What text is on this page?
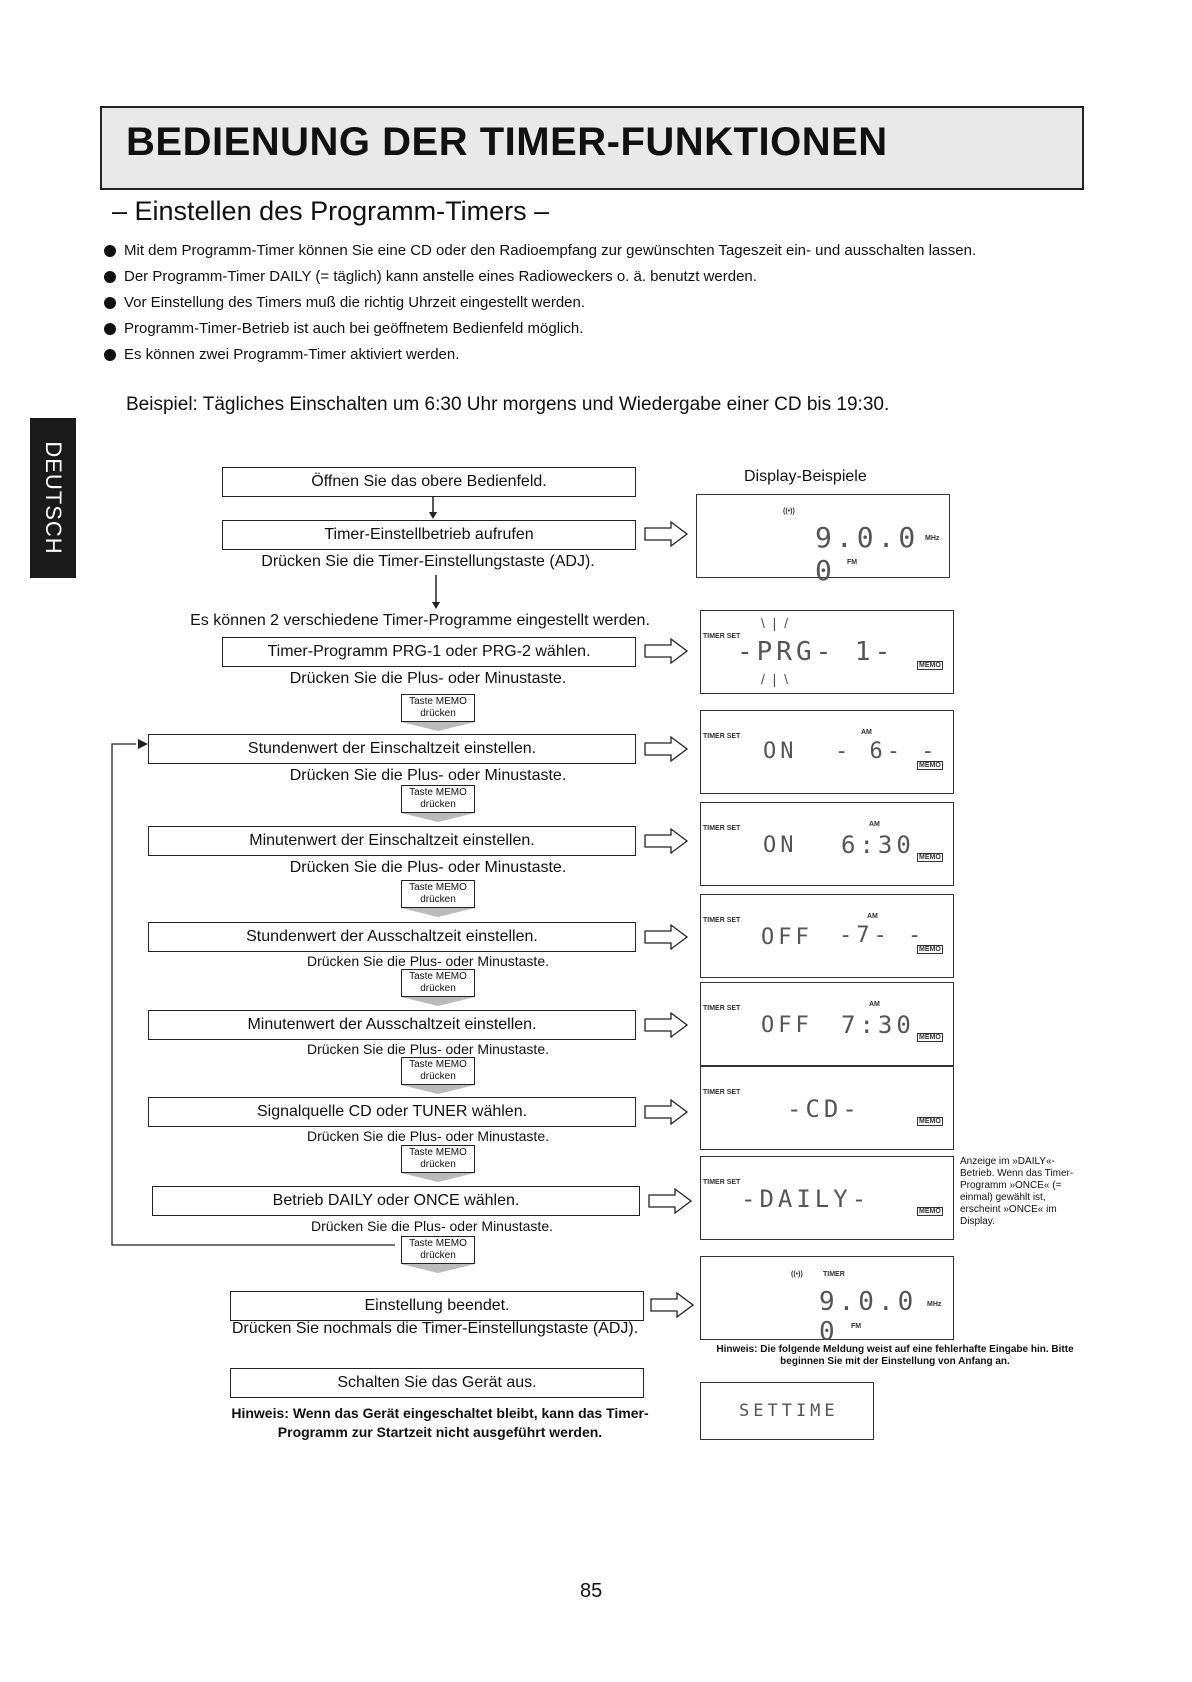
BEDIENUNG DER TIMER-FUNKTIONEN
– Einstellen des Programm-Timers –
Mit dem Programm-Timer können Sie eine CD oder den Radioempfang zur gewünschten Tageszeit ein- und ausschalten lassen.
Der Programm-Timer DAILY (= täglich) kann anstelle eines Radioweckers o. ä. benutzt werden.
Vor Einstellung des Timers muß die richtig Uhrzeit eingestellt werden.
Programm-Timer-Betrieb ist auch bei geöffnetem Bedienfeld möglich.
Es können zwei Programm-Timer aktiviert werden.
Beispiel: Tägliches Einschalten um 6:30 Uhr morgens und Wiedergabe einer CD bis 19:30.
DEUTSCH	Öffnen Sie das obere Bedienfeld.
Timer-Einstellbetrieb aufrufen
Drücken Sie die Timer-Einstellungstaste (ADJ).
Es können 2 verschiedene Timer-Programme eingestellt werden.
Timer-Programm PRG-1 oder PRG-2 wählen.
Drücken Sie die Plus- oder Minustaste.
Taste MEMO
drücken
Stundenwert der Einschaltzeit einstellen.
Drücken Sie die Plus- oder Minustaste.
Taste MEMO
drücken
Minutenwert der Einschaltzeit einstellen.
Drücken Sie die Plus- oder Minustaste.
Taste MEMO
drücken
Stundenwert der Ausschaltzeit einstellen.
Drücken Sie die Plus- oder Minustaste.
Taste MEMO
drücken
Minutenwert der Ausschaltzeit einstellen.
Drücken Sie die Plus- oder Minustaste.
Taste MEMO
drücken
Signalquelle CD oder TUNER wählen.
Drücken Sie die Plus- oder Minustaste.
Taste MEMO
drücken
Betrieb DAILY oder ONCE wählen.
Drücken Sie die Plus- oder Minustaste.
Taste MEMO
drücken
Einstellung beendet.
Drücken Sie nochmals die Timer-Einstellungstaste (ADJ).
Schalten Sie das Gerät aus.
Hinweis: Wenn das Gerät eingeschaltet bleibt, kann das Timer-Programm zur Startzeit nicht ausgeführt werden.
Display-Beispiele
((•))
9.0.0 0
MHz
FM
TIMER SET
-PRG- 1-	MEMO
\  |  /
/  |  \
TIMER SET
ON - 6- -
AM
MEMO
TIMER SET
ON 6:30
AM
MEMO
TIMER SET
OFF -7- -
AM
MEMO
TIMER SET
OFF 7:30
AM
MEMO
TIMER SET
-CD-	MEMO
TIMER SET
-DAILY-	MEMO
Anzeige im »DAILY«-Betrieb. Wenn das Timer-Programm »ONCE« (= einmal) gewählt ist, erscheint »ONCE« im Display.
((•))	TIMER
9.0.0 0
MHz
FM
Hinweis: Die folgende Meldung weist auf eine fehlerhafte Eingabe hin. Bitte beginnen Sie mit der Einstellung von Anfang an.
SETTIME
85
